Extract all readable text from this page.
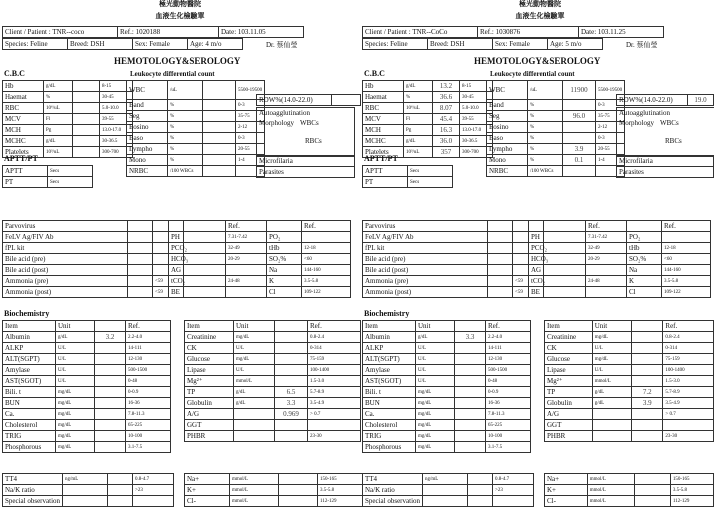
極光動物醫院
血液生化檢驗單
Client / Patient : TNR--coco	Ref.: 1020188	Date: 103.11.05
Species: Feline	Breed: DSH	Sex: Female	Age: 4 m/o	Dr. 蔡仙瑩
HEMOTOLOGY&SEROLOGY
C.B.C	Leukocyte differential count
Hb	g/dL		8-15
Haemat	%		30-45
RBC	10⁶/uL		5.0-10.0
MCV	Fl		39-55
MCH	Pg		13.0-17.0
MCHC	g/dL		30-36.5
Platelets	10³/uL		300-700
WBC	/uL		5500-19500
Band	%		0-3
Seg	%		35-75
Eosino	%		2-12
Baso	%		0-3
Lympho	%		20-55
Mono	%		1-4
NRBC	/100 WBCs		
RDW%(14.0-22.0)	
Autoagglutination
Morphology WBCs
RBCs
Microfilaria
Parasites
APTT/PT
APTT	Secs
PT	Secs
Parvovirus		
FeLV Ag/FIV Ab		
fPL kit		
Bile acid (pre)		
Bile acid (post)		
Ammonia (pre)		<59
Ammonia (post)		<59
	Ref.		Ref.
PH	7.31-7.42	PO₂	
PCO₂	32-49	tHb	12-18
HCO₃	20-29	SO₂%	<60
AG		Na	144-160
tCO₂	24-48	K	3.5-5.8
BE		Cl	109-122
Biochemistry
Item	Unit		Ref.
Albumin	g/dL	3.2	2.2-4.0
ALKP	U/L		14-111
ALT(SGPT)	U/L		12-130
Amylase	U/L		500-1500
AST(SGOT)	U/L		0-48
Bili. t	mg/dL		0-0.9
BUN	mg/dL		16-36
Ca.	mg/dL		7.8-11.3
Cholesterol	mg/dL		65-225
TRIG	mg/dL		10-100
Phosphorous	mg/dL		3.1-7.5
Item	Unit		Ref.
Creatinine	mg/dL		0.8-2.4
CK	U/L		0-314
Glucose	mg/dL		75-159
Lipase	U/L		100-1400
Mg²⁺	mmol/L		1.5-3.0
TP	g/dL	6.5	5.7-8.9
Globulin	g/dL	3.3	3.5-4.9
A/G		0.969	> 0.7
GGT			
PHBR			23-30
TT4	ng/mL		0.8-4.7
Na/K ratio			>23
Special observation			
Na+	mmol/L		150-165
K+	mmol/L		3.5-5.8
Cl-	mmol/L		112-129
極光動物醫院
血液生化檢驗單
Client / Patient : TNR--CoCo	Ref.: 1030876	Date: 103.11.25
Species: Feline	Breed: DSH	Sex: Female	Age: 5 m/o	Dr. 蔡仙瑩
HEMOTOLOGY&SEROLOGY
C.B.C	Leukocyte differential count
Hb	g/dL	13.2	8-15
Haemat	%	36.6	30-45
RBC	10⁶/uL	8.07	5.0-10.0
MCV	Fl	45.4	39-55
MCH	Pg	16.3	13.0-17.0
MCHC	g/dL	36.0	30-36.5
Platelets	10³/uL	357	300-700
WBC	/uL	11900	5500-19500
Band	%		0-3
Seg	%	96.0	35-75
Eosino	%		2-12
Baso	%		0-3
Lympho	%	3.9	20-55
Mono	%	0.1	1-4
NRBC	/100 WBCs		
RDW%(14.0-22.0)	19.0
Autoagglutination
Morphology WBCs
RBCs
Microfilaria
Parasites
APTT/PT
APTT	Secs
PT	Secs
Parvovirus		
FeLV Ag/FIV Ab		
fPL kit		
Bile acid (pre)		
Bile acid (post)		
Ammonia (pre)		<59
Ammonia (post)		<59
	Ref.		Ref.
PH	7.31-7.42	PO₂	
PCO₂	32-49	tHb	12-18
HCO₃	20-29	SO₂%	<60
AG		Na	144-160
tCO₂	24-48	K	3.5-5.8
BE		Cl	109-122
Biochemistry
Item	Unit		Ref.
Albumin	g/dL	3.3	2.2-4.0
ALKP	U/L		14-111
ALT(SGPT)	U/L		12-130
Amylase	U/L		500-1500
AST(SGOT)	U/L		0-48
Bili. t	mg/dL		0-0.9
BUN	mg/dL		16-36
Ca.	mg/dL		7.8-11.3
Cholesterol	mg/dL		65-225
TRIG	mg/dL		10-100
Phosphorous	mg/dL		3.1-7.5
Item	Unit		Ref.
Creatinine	mg/dL		0.8-2.4
CK	U/L		0-314
Glucose	mg/dL		75-159
Lipase	U/L		100-1400
Mg²⁺	mmol/L		1.5-3.0
TP	g/dL	7.2	5.7-8.9
Globulin	g/dL	3.9	3.5-4.9
A/G			> 0.7
GGT			
PHBR			23-30
TT4	ng/mL		0.8-4.7
Na/K ratio			>23
Special observation			
Na+	mmol/L		150-165
K+	mmol/L		3.5-5.8
Cl-	mmol/L		112-129
